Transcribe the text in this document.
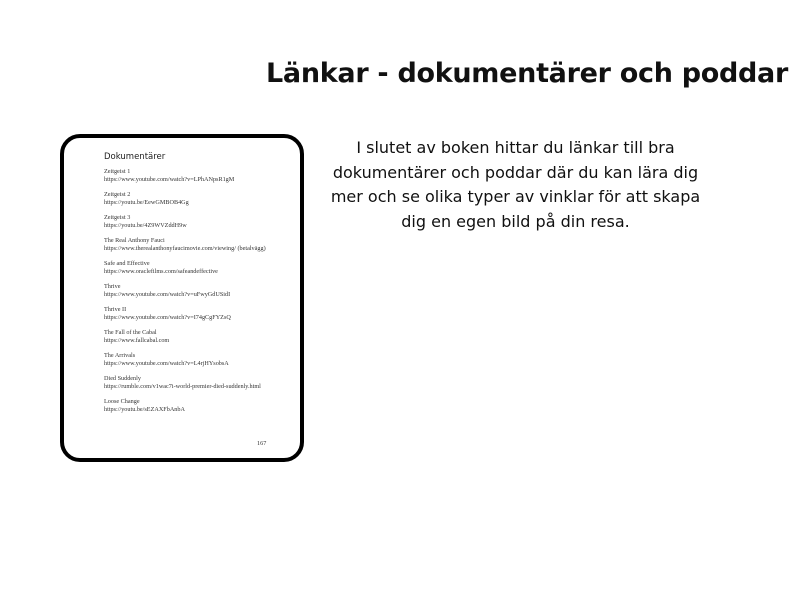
Länkar - dokumentärer och poddar
Dokumentärer
Zeitgeist 1
https://www.youtube.com/watch?v=LPhANpsR1gM
Zeitgeist 2
https://youtu.be/EewGMBOB4Gg
Zeitgeist 3
https://youtu.be/4Z9WVZddH9w
The Real Anthony Fauci
https://www.therealanthonyfaucimovie.com/viewing/ (betalvägg)
Safe and Effective
https://www.oraclefilms.com/safeandeffective
Thrive
https://www.youtube.com/watch?v=uFwyGdUSidI
Thrive II
https://www.youtube.com/watch?v=I74gCgFYZsQ
The Fall of the Cabal
https://www.fallcabal.com
The Arrivals
https://www.youtube.com/watch?v=L4rjHYsobsA
Died Suddenly
https://rumble.com/v1wac7i-world-premier-died-suddenly.html
Loose Change
https://youtu.be/sEZAXFbAnbA
167
I slutet av boken hittar du länkar till bra dokumentärer och poddar där du kan lära dig mer och se olika typer av vinklar för att skapa dig en egen bild på din resa.
